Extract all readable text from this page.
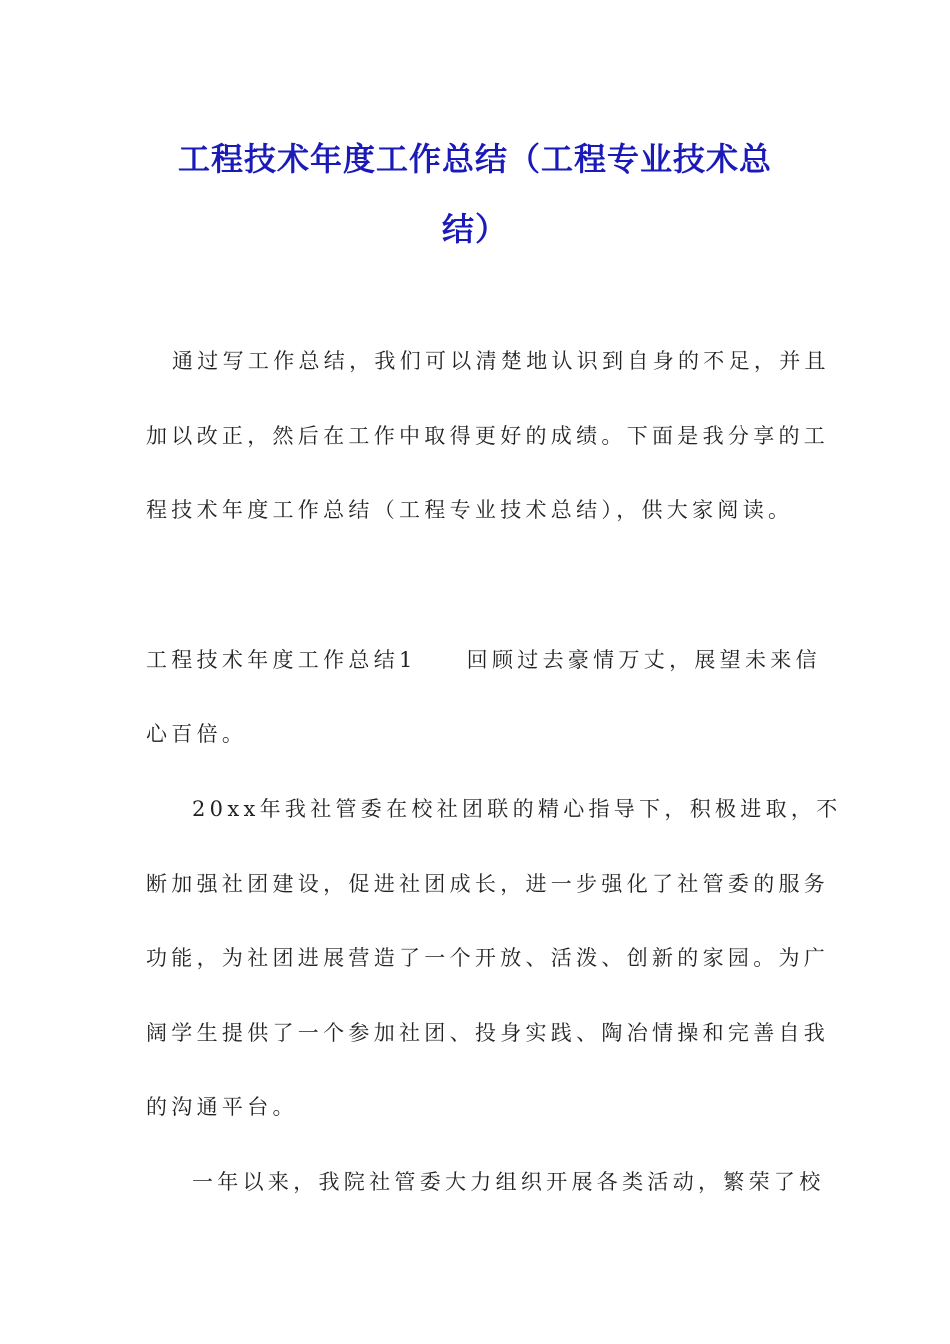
工程技术年度工作总结（工程专业技术总
结）
通过写工作总结，我们可以清楚地认识到自身的不足，并且
加以改正，然后在工作中取得更好的成绩。下面是我分享的工
程技术年度工作总结（工程专业技术总结），供大家阅读。
工程技术年度工作总结1 回顾过去豪情万丈，展望未来信
心百倍。
20xx年我社管委在校社团联的精心指导下，积极进取，不
断加强社团建设，促进社团成长，进一步强化了社管委的服务
功能，为社团进展营造了一个开放、活泼、创新的家园。为广
阔学生提供了一个参加社团、投身实践、陶冶情操和完善自我
的沟通平台。
一年以来，我院社管委大力组织开展各类活动，繁荣了校
